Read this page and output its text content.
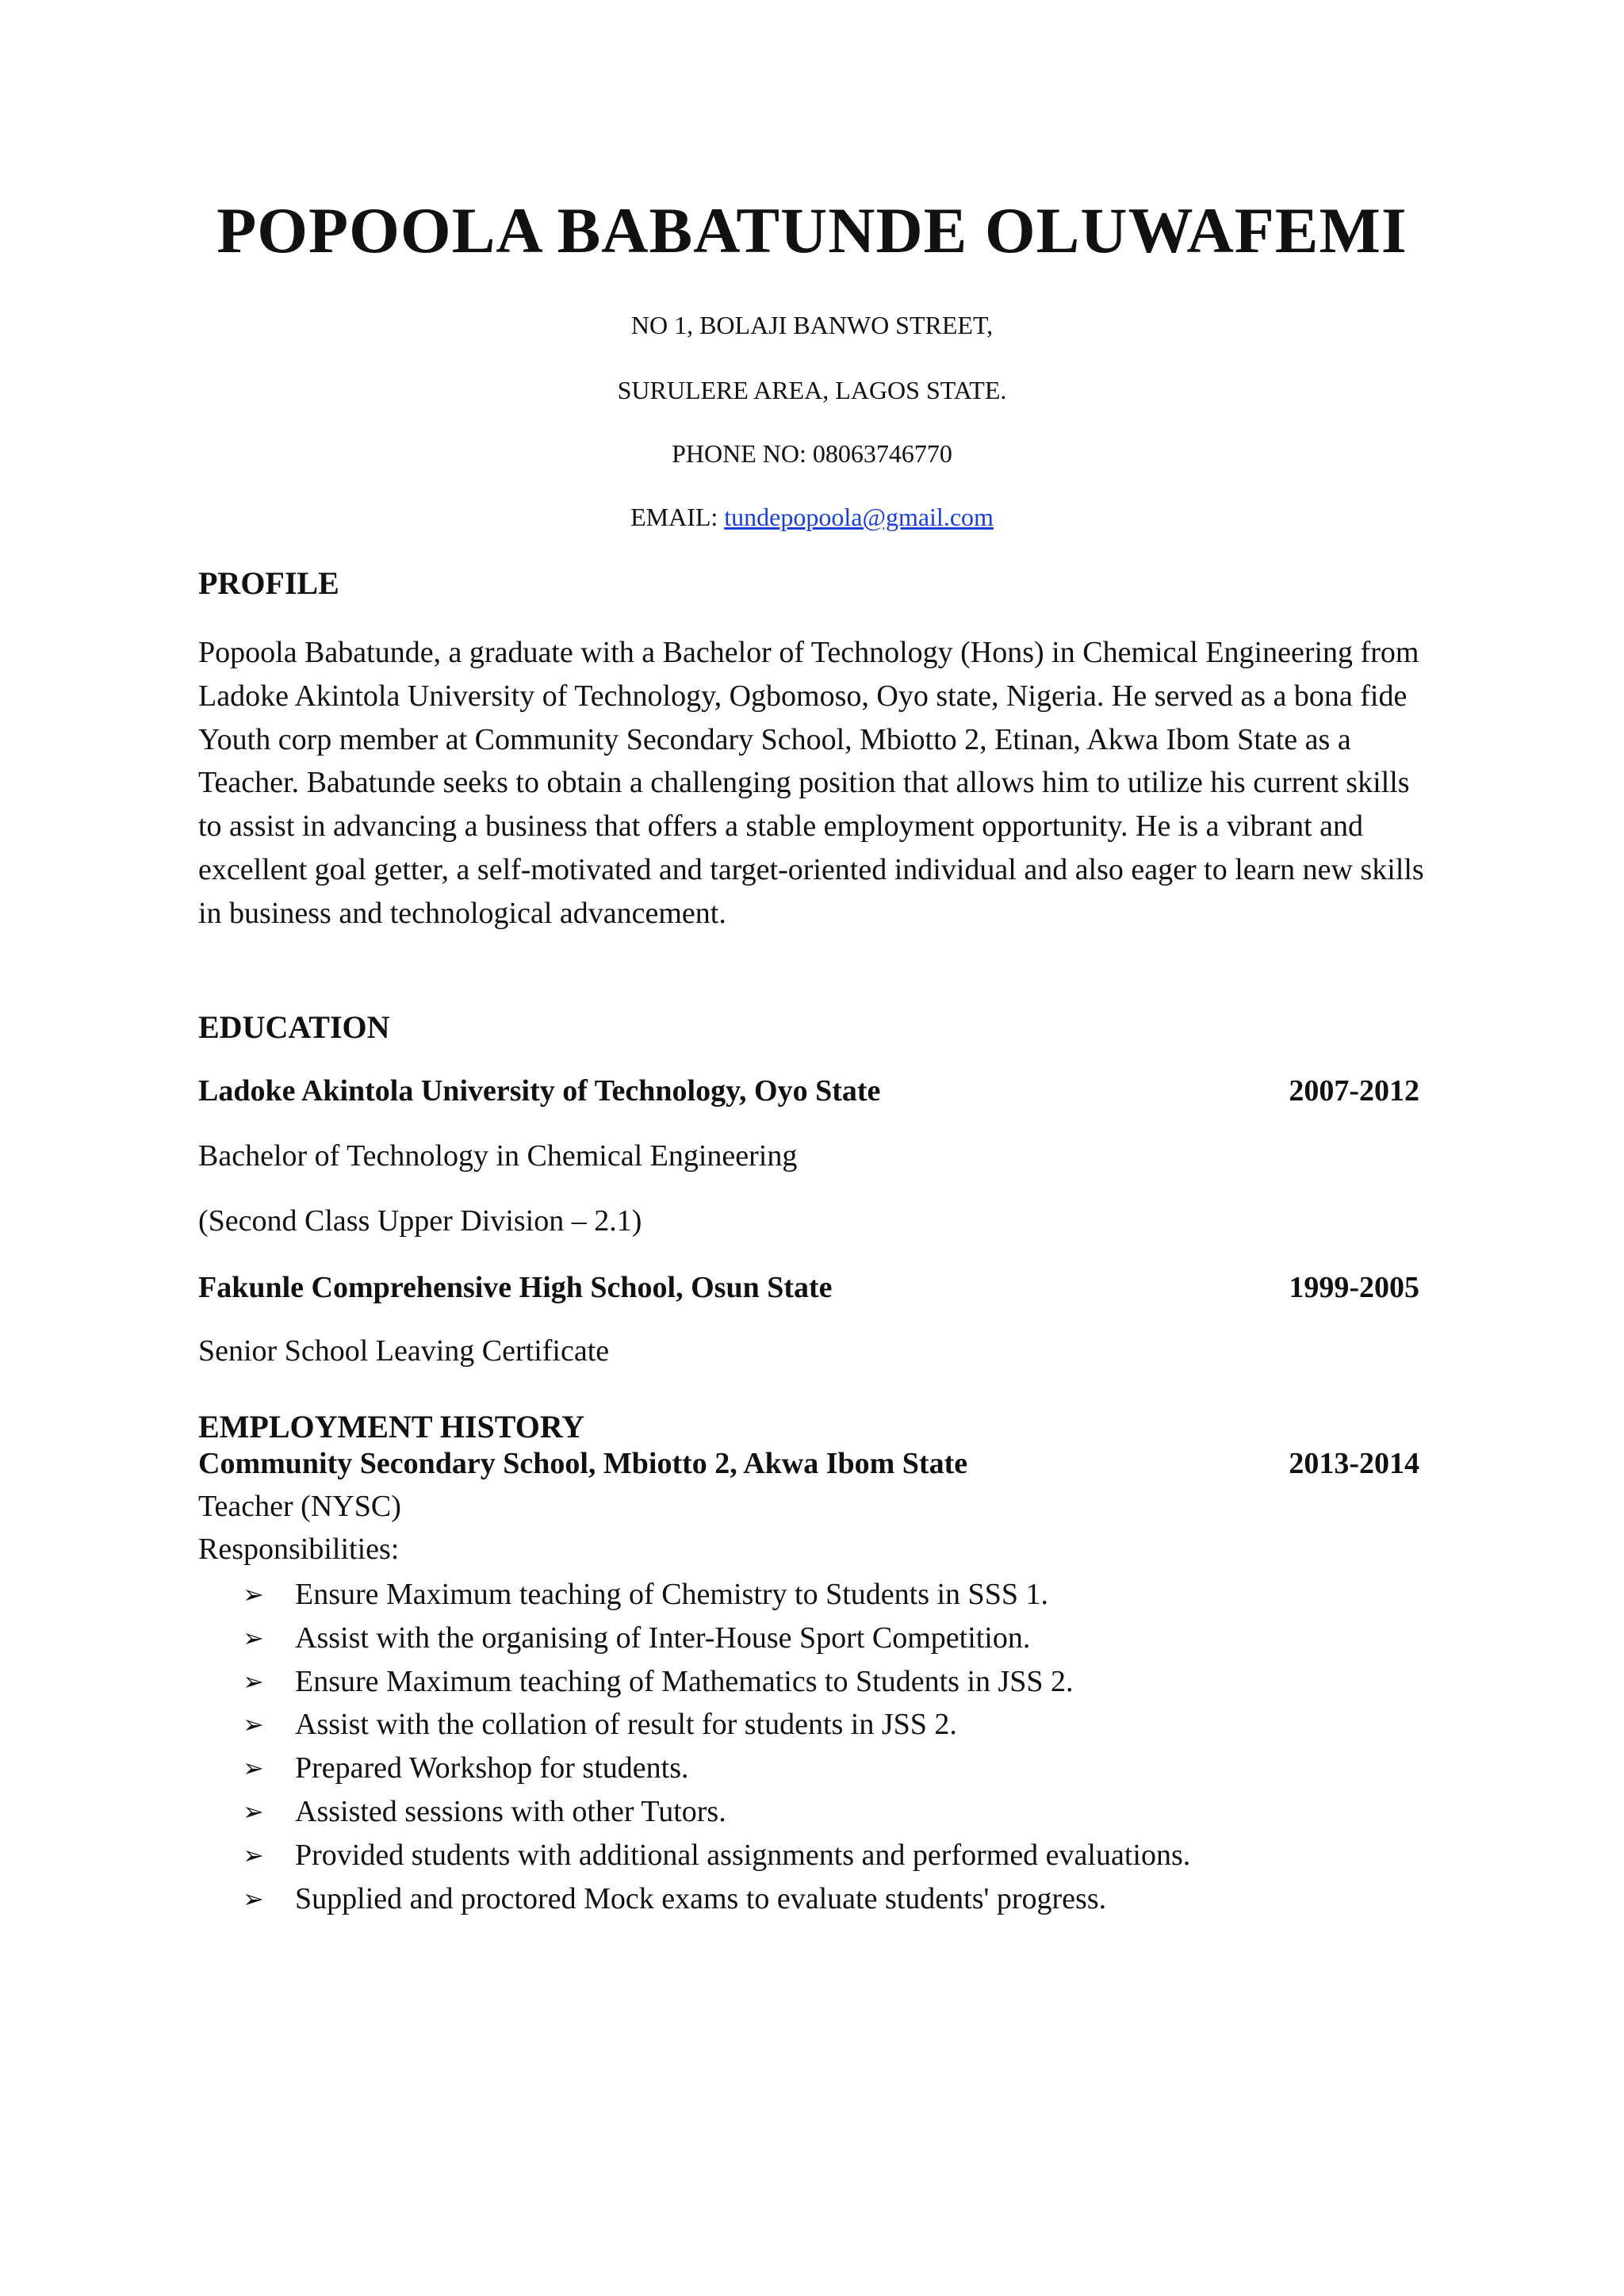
POPOOLA BABATUNDE OLUWAFEMI
NO 1, BOLAJI BANWO STREET,
SURULERE AREA, LAGOS STATE.
PHONE NO: 08063746770
EMAIL: tundepopoola@gmail.com
PROFILE
Popoola Babatunde, a graduate with a Bachelor of Technology (Hons) in Chemical Engineering from Ladoke Akintola University of Technology, Ogbomoso, Oyo state, Nigeria. He served as a bona fide Youth corp member at Community Secondary School, Mbiotto 2, Etinan, Akwa Ibom State as a Teacher. Babatunde seeks to obtain a challenging position that allows him to utilize his current skills to assist in advancing a business that offers a stable employment opportunity. He is a vibrant and excellent goal getter, a self-motivated and target-oriented individual and also eager to learn new skills in business and technological advancement.
EDUCATION
Ladoke Akintola University of Technology, Oyo State	2007-2012
Bachelor of Technology in Chemical Engineering
(Second Class Upper Division – 2.1)
Fakunle Comprehensive High School, Osun State	1999-2005
Senior School Leaving Certificate
EMPLOYMENT HISTORY
Community Secondary School, Mbiotto 2, Akwa Ibom State	2013-2014
Teacher (NYSC)
Responsibilities:
➢ Ensure Maximum teaching of Chemistry to Students in SSS 1.
➢ Assist with the organising of Inter-House Sport Competition.
➢ Ensure Maximum teaching of Mathematics to Students in JSS 2.
➢ Assist with the collation of result for students in JSS 2.
➢ Prepared Workshop for students.
➢ Assisted sessions with other Tutors.
➢ Provided students with additional assignments and performed evaluations.
➢ Supplied and proctored Mock exams to evaluate students' progress.
